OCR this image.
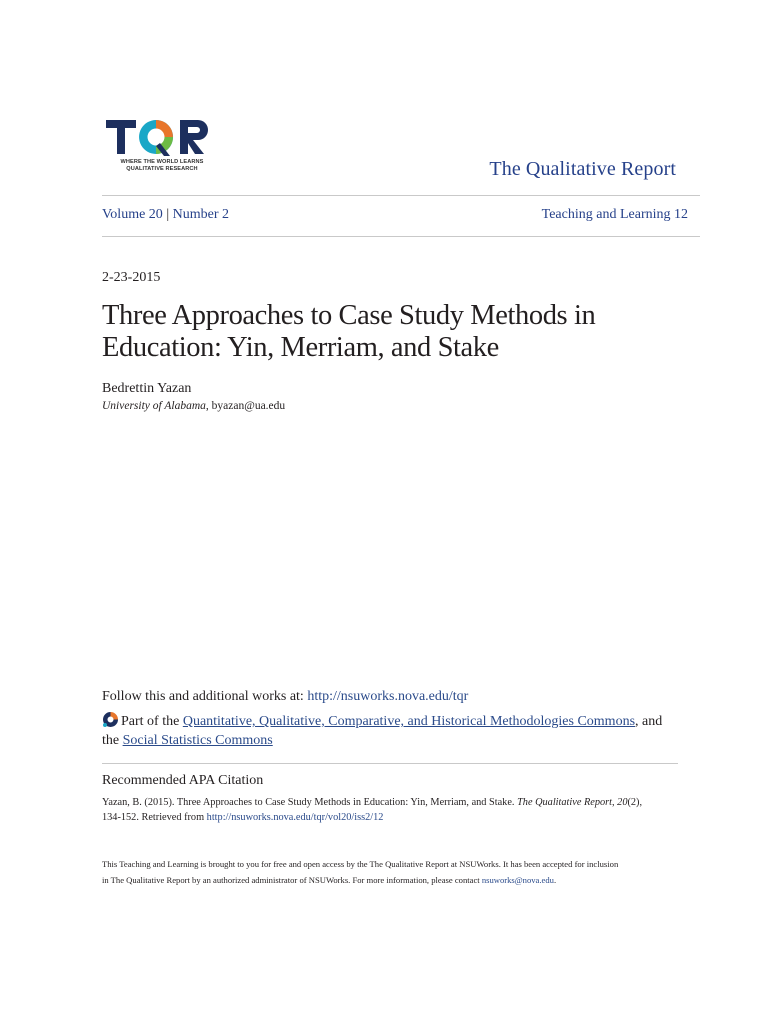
WHERE THE WORLD LEARNS
QUALITATIVE RESEARCH	The Qualitative Report
Volume 20 | Number 2	Teaching and Learning 12
2-23-2015
Three Approaches to Case Study Methods in Education: Yin, Merriam, and Stake
Bedrettin Yazan
University of Alabama, byazan@ua.edu
Follow this and additional works at: http://nsuworks.nova.edu/tqr
Part of the Quantitative, Qualitative, Comparative, and Historical Methodologies Commons, and
the Social Statistics Commons
Recommended APA Citation
Yazan, B. (2015). Three Approaches to Case Study Methods in Education: Yin, Merriam, and Stake. The Qualitative Report, 20(2),
134-152. Retrieved from http://nsuworks.nova.edu/tqr/vol20/iss2/12
This Teaching and Learning is brought to you for free and open access by the The Qualitative Report at NSUWorks. It has been accepted for inclusion
in The Qualitative Report by an authorized administrator of NSUWorks. For more information, please contact nsuworks@nova.edu.
